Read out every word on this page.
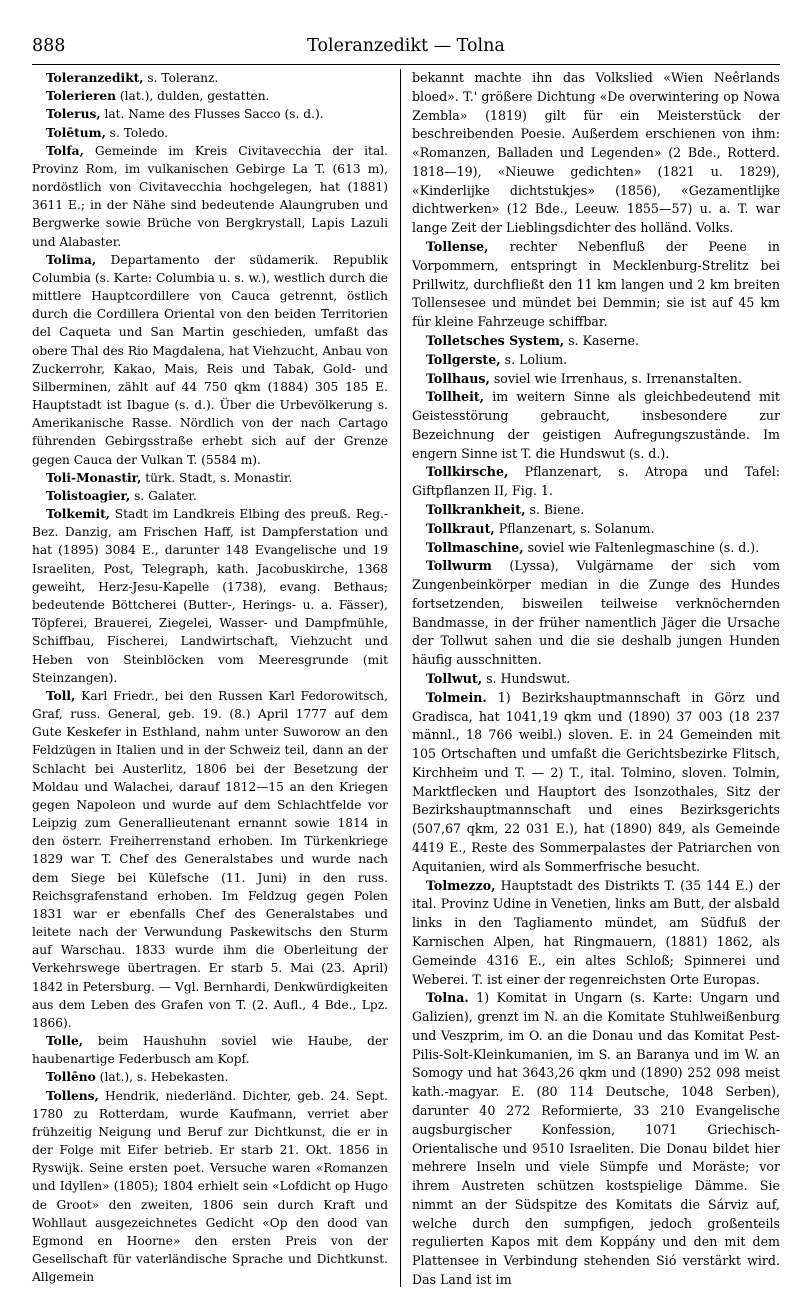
888	Toleranzedikt — Tolna

Toleranzedikt, s. Toleranz.

Tolerieren (lat.), dulden, gestatten.

Tolerus, lat. Name des Flusses Sacco (s. d.).

Tolētum, s. Toledo.

Tolfa, Gemeinde im Kreis Civitavecchia der ital. Provinz Rom, im vulkanischen Gebirge La T. (613 m), nordöstlich von Civitavecchia hochgelegen, hat (1881) 3611 E.; in der Nähe sind bedeutende Alaungruben und Bergwerke sowie Brüche von Bergkrystall, Lapis Lazuli und Alabaster.

Tolima, Departamento der südamerik. Republik Columbia (s. Karte: Columbia u. s. w.), westlich durch die mittlere Hauptcordillere von Cauca getrennt, östlich durch die Cordillera Oriental von den beiden Territorien del Caqueta und San Martin geschieden, umfaßt das obere Thal des Rio Magdalena, hat Viehzucht, Anbau von Zuckerrohr, Kakao, Mais, Reis und Tabak, Gold- und Silberminen, zählt auf 44 750 qkm (1884) 305 185 E. Hauptstadt ist Ibague (s. d.). Über die Urbevölkerung s. Amerikanische Rasse. Nördlich von der nach Cartago führenden Gebirgsstraße erhebt sich auf der Grenze gegen Cauca der Vulkan T. (5584 m).

Toli-Monastir, türk. Stadt, s. Monastir.

Tolistoagier, s. Galater.

Tolkemit, Stadt im Landkreis Elbing des preuß. Reg.-Bez. Danzig, am Frischen Haff, ist Dampferstation und hat (1895) 3084 E., darunter 148 Evangelische und 19 Israeliten, Post, Telegraph, kath. Jacobuskirche, 1368 geweiht, Herz-Jesu-Kapelle (1738), evang. Bethaus; bedeutende Böttcherei (Butter-, Herings- u. a. Fässer), Töpferei, Brauerei, Ziegelei, Wasser- und Dampfmühle, Schiffbau, Fischerei, Landwirtschaft, Viehzucht und Heben von Steinblöcken vom Meeresgrunde (mit Steinzangen).

Toll, Karl Friedr., bei den Russen Karl Fedorowitsch, Graf, russ. General, geb. 19. (8.) April 1777 auf dem Gute Keskefer in Esthland, nahm unter Suworow an den Feldzügen in Italien und in der Schweiz teil, dann an der Schlacht bei Austerlitz, 1806 bei der Besetzung der Moldau und Walachei, darauf 1812—15 an den Kriegen gegen Napoleon und wurde auf dem Schlachtfelde vor Leipzig zum Generallieutenant ernannt sowie 1814 in den österr. Freiherrenstand erhoben. Im Türkenkriege 1829 war T. Chef des Generalstabes und wurde nach dem Siege bei Külefsche (11. Juni) in den russ. Reichsgrafenstand erhoben. Im Feldzug gegen Polen 1831 war er ebenfalls Chef des Generalstabes und leitete nach der Verwundung Paskewitschs den Sturm auf Warschau. 1833 wurde ihm die Oberleitung der Verkehrswege übertragen. Er starb 5. Mai (23. April) 1842 in Petersburg. — Vgl. Bernhardi, Denkwürdigkeiten aus dem Leben des Grafen von T. (2. Aufl., 4 Bde., Lpz. 1866).

Tolle, beim Haushuhn soviel wie Haube, der haubenartige Federbusch am Kopf.

Tollēno (lat.), s. Hebekasten.

Tollens, Hendrik, niederländ. Dichter, geb. 24. Sept. 1780 zu Rotterdam, wurde Kaufmann, verriet aber frühzeitig Neigung und Beruf zur Dichtkunst, die er in der Folge mit Eifer betrieb. Er starb 21. Okt. 1856 in Ryswijk. Seine ersten poet. Versuche waren «Romanzen und Idyllen» (1805); 1804 erhielt sein «Lofdicht op Hugo de Groot» den zweiten, 1806 sein durch Kraft und Wohllaut ausgezeichnetes Gedicht «Op den dood van Egmond en Hoorne» den ersten Preis von der Gesellschaft für vaterländische Sprache und Dichtkunst. Allgemein

bekannt machte ihn das Volkslied «Wien Neêrlands bloed». T.' größere Dichtung «De overwintering op Nowa Zembla» (1819) gilt für ein Meisterstück der beschreibenden Poesie. Außerdem erschienen von ihm: «Romanzen, Balladen und Legenden» (2 Bde., Rotterd. 1818—19), «Nieuwe gedichten» (1821 u. 1829), «Kinderlijke dichtstukjes» (1856), «Gezamentlijke dichtwerken» (12 Bde., Leeuw. 1855—57) u. a. T. war lange Zeit der Lieblingsdichter des holländ. Volks.

Tollense, rechter Nebenfluß der Peene in Vorpommern, entspringt in Mecklenburg-Strelitz bei Prillwitz, durchfließt den 11 km langen und 2 km breiten Tollensesee und mündet bei Demmin; sie ist auf 45 km für kleine Fahrzeuge schiffbar.

Tolletsches System, s. Kaserne.

Tollgerste, s. Lolium.

Tollhaus, soviel wie Irrenhaus, s. Irrenanstalten.

Tollheit, im weitern Sinne als gleichbedeutend mit Geistesstörung gebraucht, insbesondere zur Bezeichnung der geistigen Aufregungszustände. Im engern Sinne ist T. die Hundswut (s. d.).

Tollkirsche, Pflanzenart, s. Atropa und Tafel: Giftpflanzen II, Fig. 1.

Tollkrankheit, s. Biene.

Tollkraut, Pflanzenart, s. Solanum.

Tollmaschine, soviel wie Faltenlegmaschine (s. d.).

Tollwurm (Lyssa), Vulgärname der sich vom Zungenbeinkörper median in die Zunge des Hundes fortsetzenden, bisweilen teilweise verknöchernden Bandmasse, in der früher namentlich Jäger die Ursache der Tollwut sahen und die sie deshalb jungen Hunden häufig ausschnitten.

Tollwut, s. Hundswut.

Tolmein. 1) Bezirkshauptmannschaft in Görz und Gradisca, hat 1041,19 qkm und (1890) 37 003 (18 237 männl., 18 766 weibl.) sloven. E. in 24 Gemeinden mit 105 Ortschaften und umfaßt die Gerichtsbezirke Flitsch, Kirchheim und T. — 2) T., ital. Tolmino, sloven. Tolmin, Marktflecken und Hauptort des Isonzothales, Sitz der Bezirkshauptmannschaft und eines Bezirksgerichts (507,67 qkm, 22 031 E.), hat (1890) 849, als Gemeinde 4419 E., Reste des Sommerpalastes der Patriarchen von Aquitanien, wird als Sommerfrische besucht.

Tolmezzo, Hauptstadt des Distrikts T. (35 144 E.) der ital. Provinz Udine in Venetien, links am Butt, der alsbald links in den Tagliamento mündet, am Südfuß der Karnischen Alpen, hat Ringmauern, (1881) 1862, als Gemeinde 4316 E., ein altes Schloß; Spinnerei und Weberei. T. ist einer der regenreichsten Orte Europas.

Tolna. 1) Komitat in Ungarn (s. Karte: Ungarn und Galizien), grenzt im N. an die Komitate Stuhlweißenburg und Veszprim, im O. an die Donau und das Komitat Pest-Pilis-Solt-Kleinkumanien, im S. an Baranya und im W. an Somogy und hat 3643,26 qkm und (1890) 252 098 meist kath.-magyar. E. (80 114 Deutsche, 1048 Serben), darunter 40 272 Reformierte, 33 210 Evangelische augsburgischer Konfession, 1071 Griechisch-Orientalische und 9510 Israeliten. Die Donau bildet hier mehrere Inseln und viele Sümpfe und Moräste; vor ihrem Austreten schützen kostspielige Dämme. Sie nimmt an der Südspitze des Komitats die Sárviz auf, welche durch den sumpfigen, jedoch großenteils regulierten Kapos mit dem Koppány und den mit dem Plattensee in Verbindung stehenden Sió verstärkt wird. Das Land ist im
